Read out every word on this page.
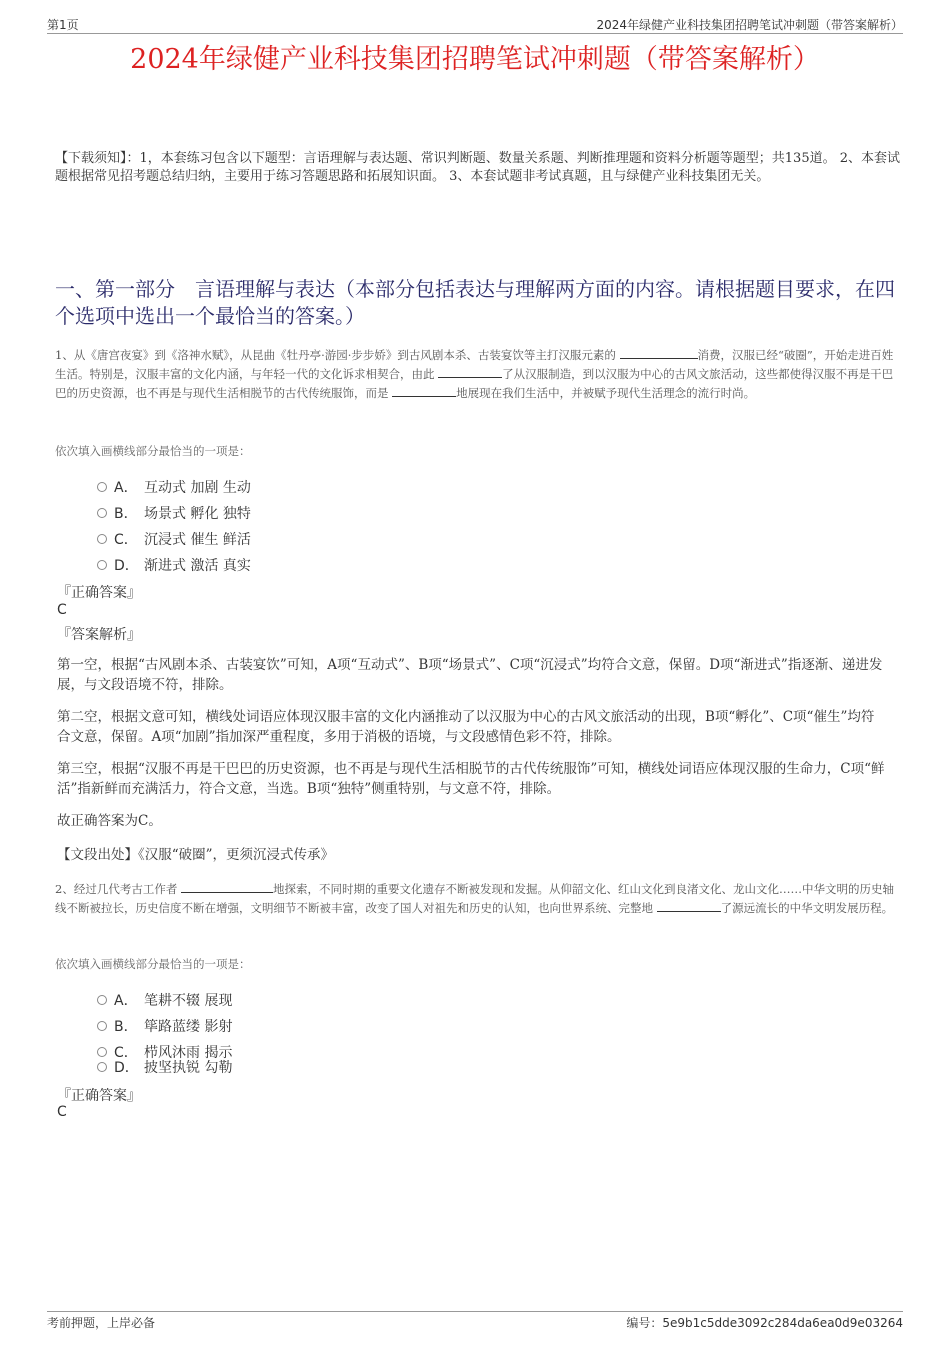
第1页	2024年绿健产业科技集团招聘笔试冲刺题（带答案解析）
2024年绿健产业科技集团招聘笔试冲刺题（带答案解析）
【下载须知】：1，本套练习包含以下题型：言语理解与表达题、常识判断题、数量关系题、判断推理题和资料分析题等题型；共135道。 2、本套试题根据常见招考题总结归纳，主要用于练习答题思路和拓展知识面。 3、本套试题非考试真题，且与绿健产业科技集团无关。
一、第一部分　言语理解与表达（本部分包括表达与理解两方面的内容。请根据题目要求，在四个选项中选出一个最恰当的答案。）
1、从《唐宫夜宴》到《洛神水赋》，从昆曲《牡丹亭·游园·步步娇》到古风剧本杀、古装宴饮等主打汉服元素的	消费，汉服已经“破圈”，开始走进百姓生活。特别是，汉服丰富的文化内涵，与年轻一代的文化诉求相契合，由此	了从汉服制造，到以汉服为中心的古风文旅活动，这些都使得汉服不再是干巴巴的历史资源，也不再是与现代生活相脱节的古代传统服饰，而是	地展现在我们生活中，并被赋予现代生活理念的流行时尚。
依次填入画横线部分最恰当的一项是：
A． 互动式 加剧 生动
B． 场景式 孵化 独特
C． 沉浸式 催生 鲜活
D． 渐进式 激活 真实
『正确答案』
C
『答案解析』
第一空，根据“古风剧本杀、古装宴饮”可知，A项“互动式”、B项“场景式”、C项“沉浸式”均符合文意，保留。D项“渐进式”指逐渐、递进发展，与文段语境不符，排除。
第二空，根据文意可知，横线处词语应体现汉服丰富的文化内涵推动了以汉服为中心的古风文旅活动的出现，B项“孵化”、C项“催生”均符合文意，保留。A项“加剧”指加深严重程度，多用于消极的语境，与文段感情色彩不符，排除。
第三空，根据“汉服不再是干巴巴的历史资源，也不再是与现代生活相脱节的古代传统服饰”可知，横线处词语应体现汉服的生命力，C项“鲜活”指新鲜而充满活力，符合文意，当选。B项“独特”侧重特别，与文意不符，排除。
故正确答案为C。
【文段出处】《汉服“破圈”，更须沉浸式传承》
2、经过几代考古工作者	地探索，不同时期的重要文化遗存不断被发现和发掘。从仰韶文化、红山文化到良渚文化、龙山文化……中华文明的历史轴线不断被拉长，历史信度不断在增强，文明细节不断被丰富，改变了国人对祖先和历史的认知，也向世界系统、完整地	了源远流长的中华文明发展历程。
依次填入画横线部分最恰当的一项是：
A． 笔耕不辍 展现
B． 筚路蓝缕 影射
C． 栉风沐雨 揭示
D． 披坚执锐 勾勒
『正确答案』
C
考前押题，上岸必备	编号：5e9b1c5dde3092c284da6ea0d9e03264
